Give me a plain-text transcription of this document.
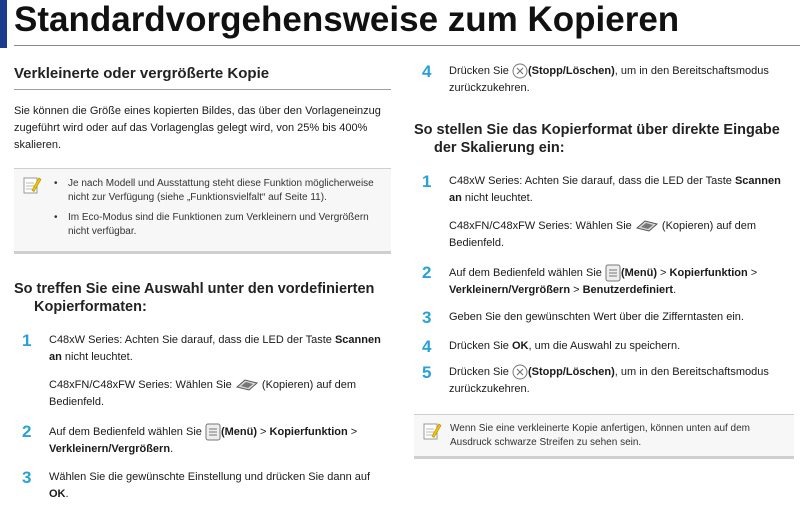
Standardvorgehensweise zum Kopieren

Verkleinerte oder vergrößerte Kopie

Sie können die Größe eines kopierten Bildes, das über den Vorlageneinzug zugeführt wird oder auf das Vorlagenglas gelegt wird, von 25% bis 400% skalieren.

• Je nach Modell und Ausstattung steht diese Funktion möglicherweise nicht zur Verfügung (siehe „Funktionsvielfalt“ auf Seite 11).
• Im Eco-Modus sind die Funktionen zum Verkleinern und Vergrößern nicht verfügbar.

So treffen Sie eine Auswahl unter den vordefinierten
Kopierformaten:

1 C48xW Series: Achten Sie darauf, dass die LED der Taste Scannen an nicht leuchtet.

C48xFN/C48xFW Series: Wählen Sie  (Kopieren) auf dem Bedienfeld.

2 Auf dem Bedienfeld wählen Sie (Menü) > Kopierfunktion > Verkleinern/Vergrößern.

3 Wählen Sie die gewünschte Einstellung und drücken Sie dann auf OK.

4 Drücken Sie (Stopp/Löschen), um in den Bereitschaftsmodus zurückzukehren.

So stellen Sie das Kopierformat über direkte Eingabe
der Skalierung ein:

1 C48xW Series: Achten Sie darauf, dass die LED der Taste Scannen an nicht leuchtet.

C48xFN/C48xFW Series: Wählen Sie  (Kopieren) auf dem Bedienfeld.

2 Auf dem Bedienfeld wählen Sie (Menü) > Kopierfunktion > Verkleinern/Vergrößern > Benutzerdefiniert.

3 Geben Sie den gewünschten Wert über die Zifferntasten ein.

4 Drücken Sie OK, um die Auswahl zu speichern.

5 Drücken Sie (Stopp/Löschen), um in den Bereitschaftsmodus zurückzukehren.

Wenn Sie eine verkleinerte Kopie anfertigen, können unten auf dem Ausdruck schwarze Streifen zu sehen sein.
